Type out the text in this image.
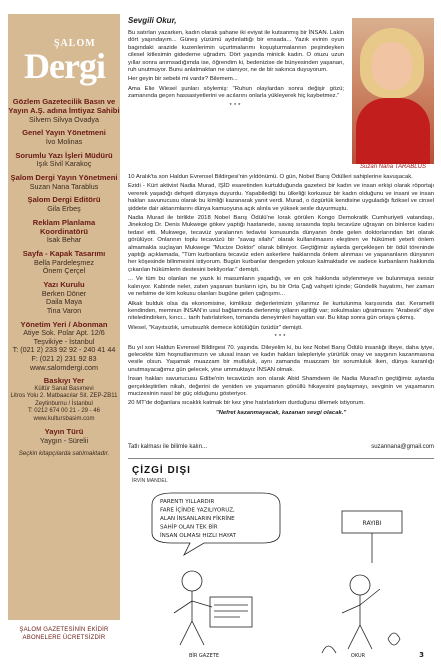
ŞALOM
Dergi
Gözlem Gazetecilik Basın ve Yayın A.Ş. adına İmtiyaz Sahibi
Silvern Silvya Ovadya
Genel Yayın Yönetmeni
İvo Molinas
Sorumlu Yazı İşleri Müdürü
Işık Sivil Karakoç
Şalom Dergi Yayın Yönetmeni
Suzan Nana Tarablus
Şalom Dergi Editörü
Gila Erbeş
Reklam Planlama Koordinatörü
İsak Behar
Sayfa - Kapak Tasarımı
Bella Pardeleşmez
Önem Çerçel
Yazı Kurulu
Berken Döner
Daila Maya
Tina Varon
Yönetim Yeri / Abonman
Atiye Sok. Polar Apt. 12/6
Teşvikiye - İstanbul
T: (021 2) 233 92 92 - 240 41 44
F: (021 2) 231 92 83
www.salomdergi.com
Baskıyı Yer
Kültür Sanat Basımevi
Litros Yolu 2. Matbaacılar Sit. ZEP-ZB11
Zeytinburnu / İstanbul
T: 0212 674 00 21 - 29 - 46
www.kultursbasim.com
Yayın Türü
Yaygın - Sürelii
Seçkin kitapçılarda satılmaktadır.
ŞALOM GAZETESİNİN EKİDİR
ABONELERE ÜCRETSİZDİR
Sevgili Okur,
Suzan Nana TARABLUS

Bu satırları yazarken, kadın olarak şahane iki eviyat ile kutsanmış bir İNSAN. Lakin dört yaşındayım... Güneş yüzümü aydınlattığı bir ensada... Yazık evinin oyun bagındaki arazide kuzenlerimin uçurtmalarımı koşuşturmalarının peşindeyken cilesel kitlesimin gidederne uğradım. Dört yaşında minicik kadın. O otuzu uzun yıllar sonra anımsadığımda ise, öğrendim ki, bedenizise de bünyesinden yaşanan, ruh unutmuyor. Bunu anlatmaktan ne utanıyor, ne de bir sakınca duyuyorum.

Her geyin bir sebebi mi vardır? Bilemem...

Ama Elie Wiesel şunları söylemiş: "Ruhun olaylardan sonra değişir gözü; zamanında geçen hassasiyetlerini ve acılarını onlarla yükleyerek hiç kaybetmez."

***

10 Aralık'ta son Haldun Evrensel Bildirgesi'nin yıldönümü. O gün, Nobel Barış Ödülleri sahiplerine kavuşacak.

Ezidi - Kürt aktivist Nadia Murad, IŞİD esaretinden kurtulduğunda gazeteci bir kadın ve insan erkişi olarak röportajı vererek yaşadığı dehşeti dünyaya duyurdu. Yapabilediği bu ülkeliği korkusuz bir kadın olduğunu ve insani ve insan hakları savunucusu olarak bu kimliği kazanarak yanıt verdi. Murad, o özgürlük kendisine uyguladığı fiziksel ve cinsel şiddete dair aktarımlarını dünya kamuoyuna açık alınla ve yüksek sesle duyurmuştu.

Nadia Murad ile birlikte 2018 Nobel Barış Ödülü'ne lorak görülen Kongo Demokratik Cumhuriyeti vatandaşı, Jinekolog Dr. Denis Mukwege gökev yaptığı hastanede, savaş sırasında toplu tecavüze uğrayan on binlerce kadını tedavi etti. Mukwege, tecavüz yaralarının tedavisi konusunda dünyanın önde gelen doktorlarından biri olarak görülüyor. Onlarının toplu tecavüzü bir "savaş silahı" olarak kullanılmasını eleştiren ve hükümeti yeterli önlem almamakla suçlayan Mukwege "Mucize Doktor" olarak biliniyor. Geçtiğimiz aylarda gerçekleşen bir ödül töreninde yaptığı açıklamada, "Tüm kurbanlara tecavüz eden askerlere haklarında önlem alınması ve yaşananların dünyanın her köşesinde bilinmesini istiyorum. Bugün kurbanlar dengeden yoksun kalmaktadır ve sadece kurbanların hakkında çıkarılan hükümlerin destesini bekliyorlar." demişti.

... Ve tüm bu olanları ne yazık ki masumların yaşadığı, ve en çok hakkında söylenmeye ve bulunmaya sessiz kalınıyor. Kabinde neler, zaten yaşanan bunların için, bu bir Orta Çağ vahşeti içinde; Gündelik hayatımı, her zaman ve nefsime de kim kokusu olanları bugüne gelen çağrışımı...

Alkak bulduk olsa da ekonomisine, kimliksiz değerlerimizin yıllarımız ile kurtulunma karşısında dar. Keramelli kendinden, memnun İNSAN'ın usul bağlamında derlenmiş yılların eşitliği var; sokulmaları uğratmasını "Arabesk" diye niteledindirken, kırıcı... tarih hatırlatırken, tomanda deneyimleri hayattan var. Bu kitap sonra gün ortaya çıkmış.

Wiesel, "Kayıtsızlık, umutsuzlık demece kötülüğün özüdür" demişti.

***

Bu yıl son Haldun Evrensel Bildirgesi 70. yaşında. Dileyelim ki, bu kez Nobel Barış Ödülü insanlığı ilteye, daha iyiye, gelecekte tüm hoşnutlarımızın ve ulusal insan ve kadın hakları talepleriyle yürürlük onay ve saygının kazanmasına vesile olsun. Yaşamak muazzam bir mutluluk, aynı zamanda muazzam bir sorumluluk iken, dünya karanlığı unutmayacağımız gün gelecek, yine ummuktayız İNSAN olmak.

İnsan hakları savunucusu Edibe'nin tecavüzün son olarak Abid Shamdeen ile Nadia Murad'ın geçtiğimiz aylarda gerçekleştirilen nikah, değerini de yeniden ve yaşamanın gönüllü hikayesini paylaşmayı, sevginin ve yaşamanın mucizesinin nasıl bir güç olduğunu gösteriyor.

20 MT'de doğanlara sıcaklık katmak bir kez yine hatırlatırken durduğunu dilemek istiyorum.

"Nefret kazanmayacak, kazanan sevgi olacak."
Tatlı kalması ile bilimle kalın...	suzannana@gmail.com
ÇİZGİ DIŞI
İRVİN MANDEL
PARENTI YILLARDIR
FARE İÇİNDE YAZILIYORUZ,
ALAN İNSANLARIN FİKRİNE
SAHİP OLAN TEK BİR
İNSAN OLMASI HIZLI HAYAT
RAYIBI
BİR GAZETE	OKUR	3
